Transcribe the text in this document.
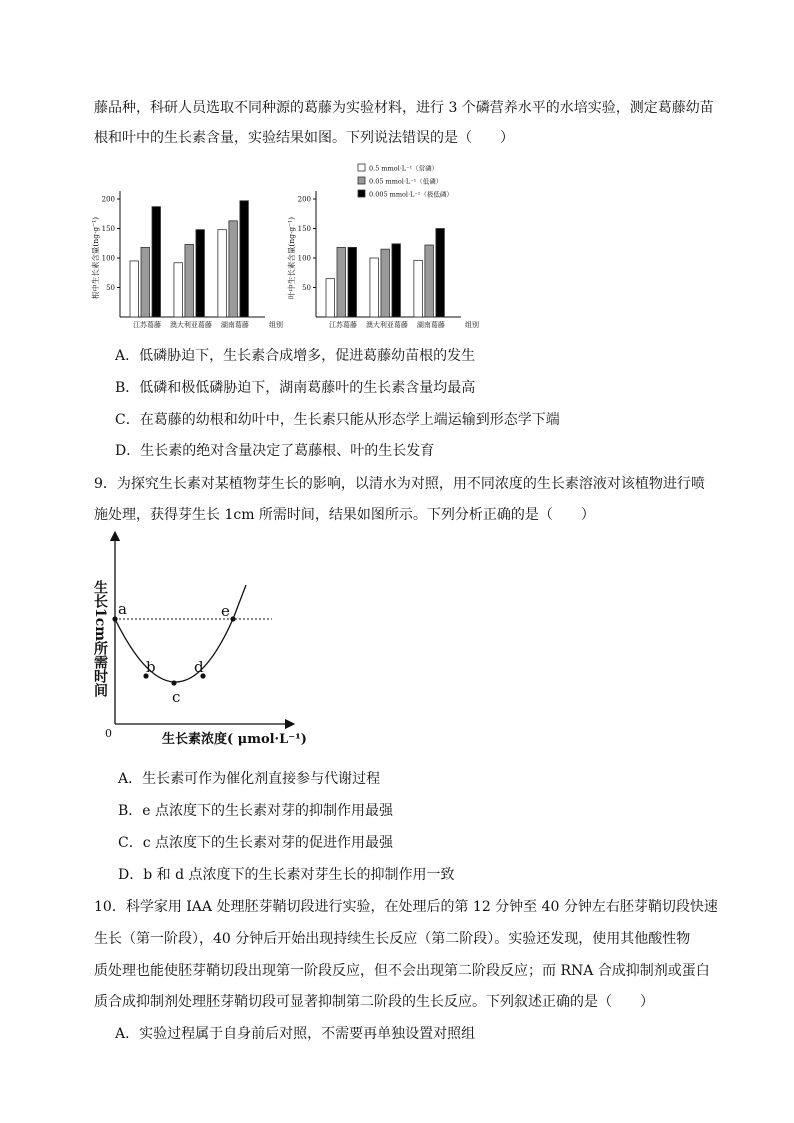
藤品种，科研人员选取不同种源的葛藤为实验材料，进行 3 个磷营养水平的水培实验，测定葛藤幼苗
根和叶中的生长素含量，实验结果如图。下列说法错误的是（　　）
50
100
150
200
根中生长素含量(ng·g⁻¹)
江苏葛藤 澳大利亚葛藤 湖南葛藤	组别
50
100
150
200
叶中生长素含量(ng·g⁻¹)
江苏葛藤 澳大利亚葛藤 湖南葛藤	组别
0.5 mmol·L⁻¹（常磷）
0.05 mmol·L⁻¹（低磷）
0.005 mmol·L⁻¹（极低磷）
A．低磷胁迫下，生长素合成增多，促进葛藤幼苗根的发生
B．低磷和极低磷胁迫下，湖南葛藤叶的生长素含量均最高
C．在葛藤的幼根和幼叶中，生长素只能从形态学上端运输到形态学下端
D．生长素的绝对含量决定了葛藤根、叶的生长发育
9．为探究生长素对某植物芽生长的影响，以清水为对照，用不同浓度的生长素溶液对该植物进行喷
施处理，获得芽生长 1cm 所需时间，结果如图所示。下列分析正确的是（　　）
a
b
c
d
e
0
生长1cm所需时间
生长素浓度( μmol·L⁻¹)
A．生长素可作为催化剂直接参与代谢过程
B．e 点浓度下的生长素对芽的抑制作用最强
C．c 点浓度下的生长素对芽的促进作用最强
D．b 和 d 点浓度下的生长素对芽生长的抑制作用一致
10．科学家用 IAA 处理胚芽鞘切段进行实验，在处理后的第 12 分钟至 40 分钟左右胚芽鞘切段快速
生长（第一阶段），40 分钟后开始出现持续生长反应（第二阶段）。实验还发现，使用其他酸性物
质处理也能使胚芽鞘切段出现第一阶段反应，但不会出现第二阶段反应；而 RNA 合成抑制剂或蛋白
质合成抑制剂处理胚芽鞘切段可显著抑制第二阶段的生长反应。下列叙述正确的是（　　）
A．实验过程属于自身前后对照，不需要再单独设置对照组
